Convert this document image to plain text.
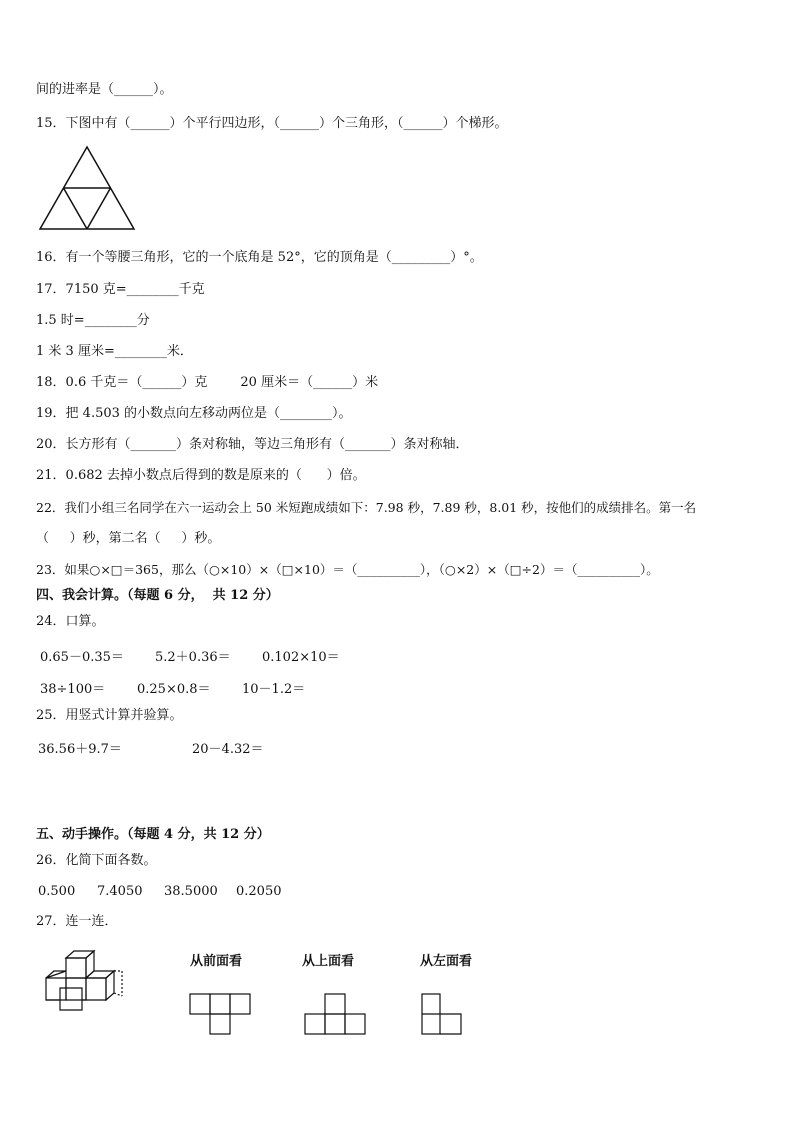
间的进率是（______）。
15．下图中有（______）个平行四边形，（______）个三角形，（______）个梯形。
16．有一个等腰三角形，它的一个底角是 52°，它的顶角是（_________）°。
17．7150 克=________千克
1.5 时=________分
1 米 3 厘米=________米．
18．0.6 千克＝（______）克        20 厘米＝（______）米
19．把 4.503 的小数点向左移动两位是（________）。
20．长方形有（_______）条对称轴，等边三角形有（_______）条对称轴．
21．0.682 去掉小数点后得到的数是原来的（      ）倍。
22．我们小组三名同学在六一运动会上 50 米短跑成绩如下：7.98 秒，7.89 秒，8.01 秒，按他们的成绩排名。第一名
（     ）秒，第二名（     ）秒。
23．如果○×□＝365，那么（○×10）×（□×10）＝（__________），（○×2）×（□÷2）＝（__________）。
四、我会计算。（每题 6 分，  共 12 分）
24．口算。
0.65－0.35＝ 5.2＋0.36＝ 0.102×10＝
38÷100＝ 0.25×0.8＝ 10－1.2＝
25．用竖式计算并验算。
36.56＋9.7＝	20－4.32＝
五、动手操作。（每题 4 分，共 12 分）
26．化简下面各数。
0.500 7.4050 38.5000 0.2050
27．连一连．
从前面看	从上面看	从左面看
